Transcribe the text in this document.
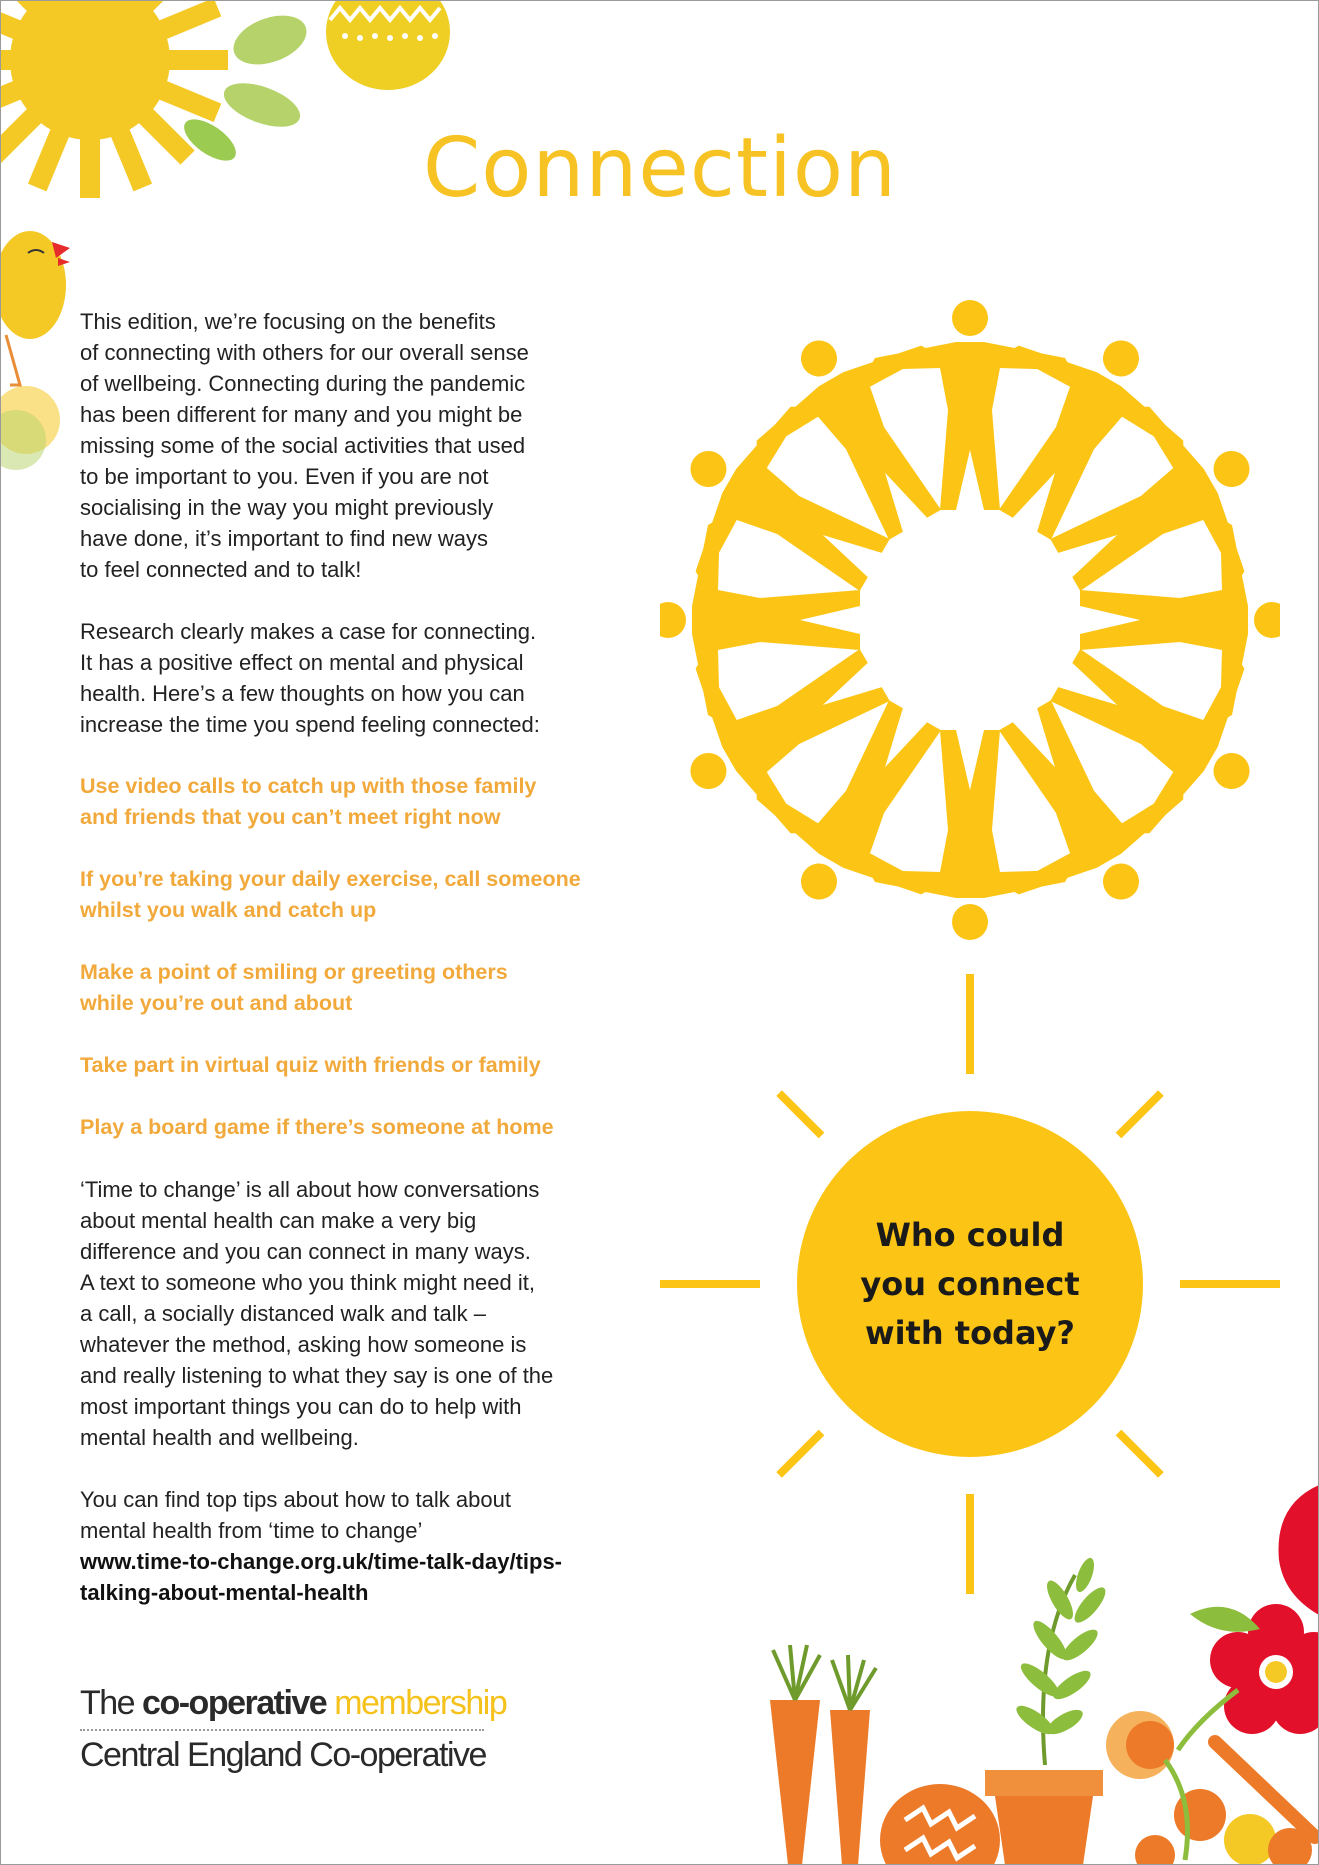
Connection

This edition, we’re focusing on the benefits
of connecting with others for our overall sense
of wellbeing. Connecting during the pandemic
has been different for many and you might be
missing some of the social activities that used
to be important to you. Even if you are not
socialising in the way you might previously
have done, it’s important to find new ways
to feel connected and to talk!

Research clearly makes a case for connecting.
It has a positive effect on mental and physical
health. Here’s a few thoughts on how you can
increase the time you spend feeling connected:

Use video calls to catch up with those family
and friends that you can’t meet right now

If you’re taking your daily exercise, call someone
whilst you walk and catch up

Make a point of smiling or greeting others
while you’re out and about

Take part in virtual quiz with friends or family

Play a board game if there’s someone at home

‘Time to change’ is all about how conversations
about mental health can make a very big
difference and you can connect in many ways.
A text to someone who you think might need it,
a call, a socially distanced walk and talk –
whatever the method, asking how someone is
and really listening to what they say is one of the
most important things you can do to help with
mental health and wellbeing.

You can find top tips about how to talk about
mental health from ‘time to change’

www.time-to-change.org.uk/time-talk-day/tips-
talking-about-mental-health

Who could
you connect
with today?
The co-operative membership
Central England Co-operative
